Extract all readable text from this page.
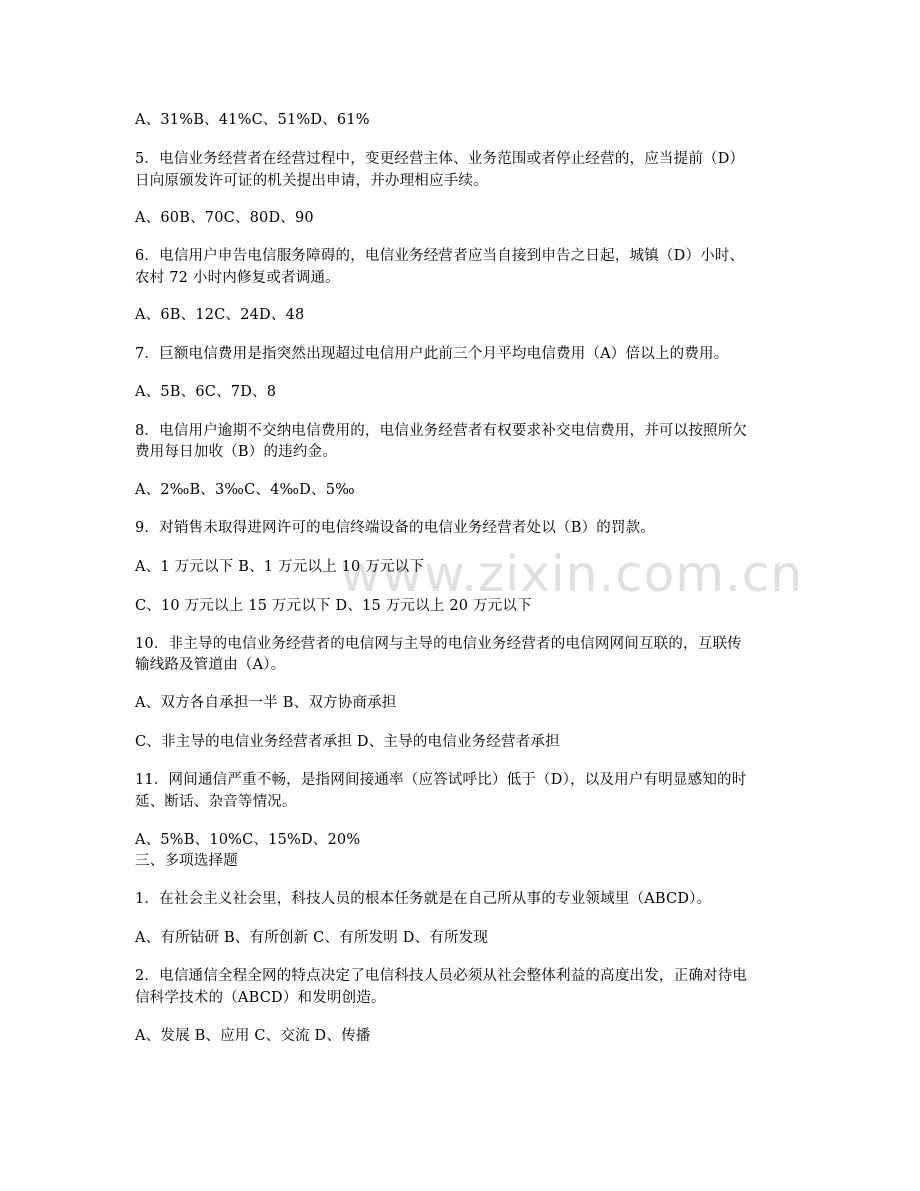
www.zixin.com.cn
A、31%B、41%C、51%D、61%
5．电信业务经营者在经营过程中，变更经营主体、业务范围或者停止经营的，应当提前（D）
日向原颁发许可证的机关提出申请，并办理相应手续。
A、60B、70C、80D、90
6．电信用户申告电信服务障碍的，电信业务经营者应当自接到申告之日起，城镇（D）小时、
农村 72 小时内修复或者调通。
A、6B、12C、24D、48
7．巨额电信费用是指突然出现超过电信用户此前三个月平均电信费用（A）倍以上的费用。
A、5B、6C、7D、8
8．电信用户逾期不交纳电信费用的，电信业务经营者有权要求补交电信费用，并可以按照所欠
费用每日加收（B）的违约金。
A、2‰B、3‰C、4‰D、5‰
9．对销售未取得进网许可的电信终端设备的电信业务经营者处以（B）的罚款。
A、1 万元以下 B、1 万元以上 10 万元以下
C、10 万元以上 15 万元以下 D、15 万元以上 20 万元以下
10．非主导的电信业务经营者的电信网与主导的电信业务经营者的电信网网间互联的，互联传
输线路及管道由（A）。
A、双方各自承担一半 B、双方协商承担
C、非主导的电信业务经营者承担 D、主导的电信业务经营者承担
11．网间通信严重不畅，是指网间接通率（应答试呼比）低于（D），以及用户有明显感知的时
延、断话、杂音等情况。
A、5%B、10%C、15%D、20%
三、多项选择题
1．在社会主义社会里，科技人员的根本任务就是在自己所从事的专业领域里（ABCD）。
A、有所钻研 B、有所创新 C、有所发明 D、有所发现
2．电信通信全程全网的特点决定了电信科技人员必须从社会整体利益的高度出发，正确对待电
信科学技术的（ABCD）和发明创造。
A、发展 B、应用 C、交流 D、传播
